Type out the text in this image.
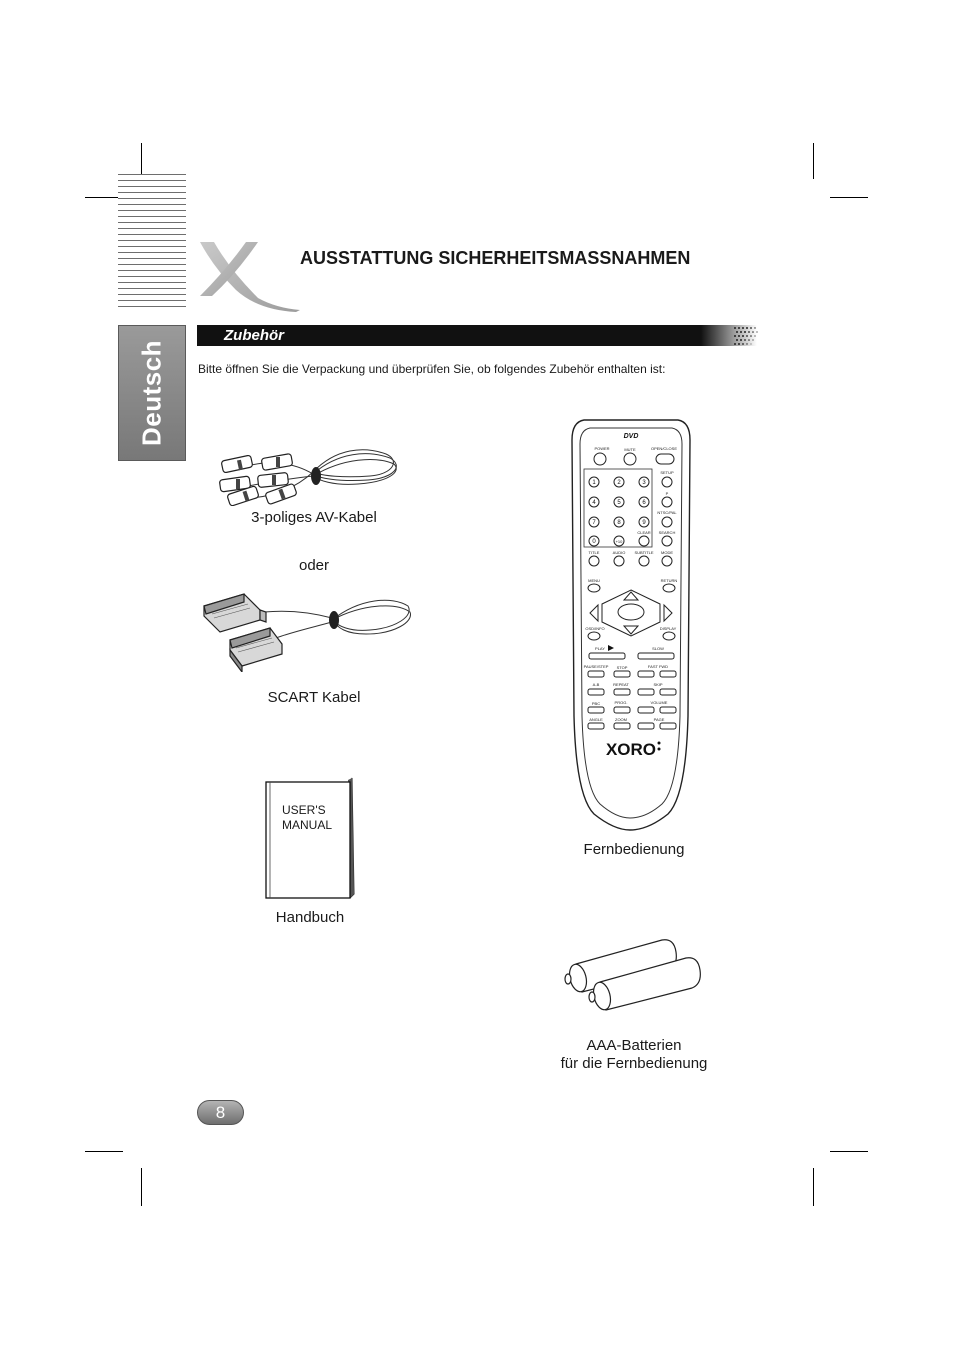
Deutsch
AUSSTATTUNG SICHERHEITSMASSNAHMEN
Zubehör
Bitte öffnen Sie die Verpackung und überprüfen Sie, ob folgendes Zubehör enthalten ist:
3-poliges AV-Kabel
oder
SCART Kabel
USER'S
MANUAL
Handbuch
POWER	MUTE	OPEN/CLOSE
SETUP
P
NTSC/PAL
CLEAR SEARCH
TITLE	AUDIO SUBTITLE MODE
MENU	RETURN
OSD/INFO	DISPLAY
PLAY	SLOW
PAUSE/STEP STOP	FAST FWD
A-B	REPEAT	SKIP
PBC	PROG.	VOLUME
ANGLE	ZOOM	PAGE
DVD
1	2	3
4	5	6
7	8	9
0	+10
XORO
Fernbedienung
AAA-Batterien
für die Fernbedienung
8
